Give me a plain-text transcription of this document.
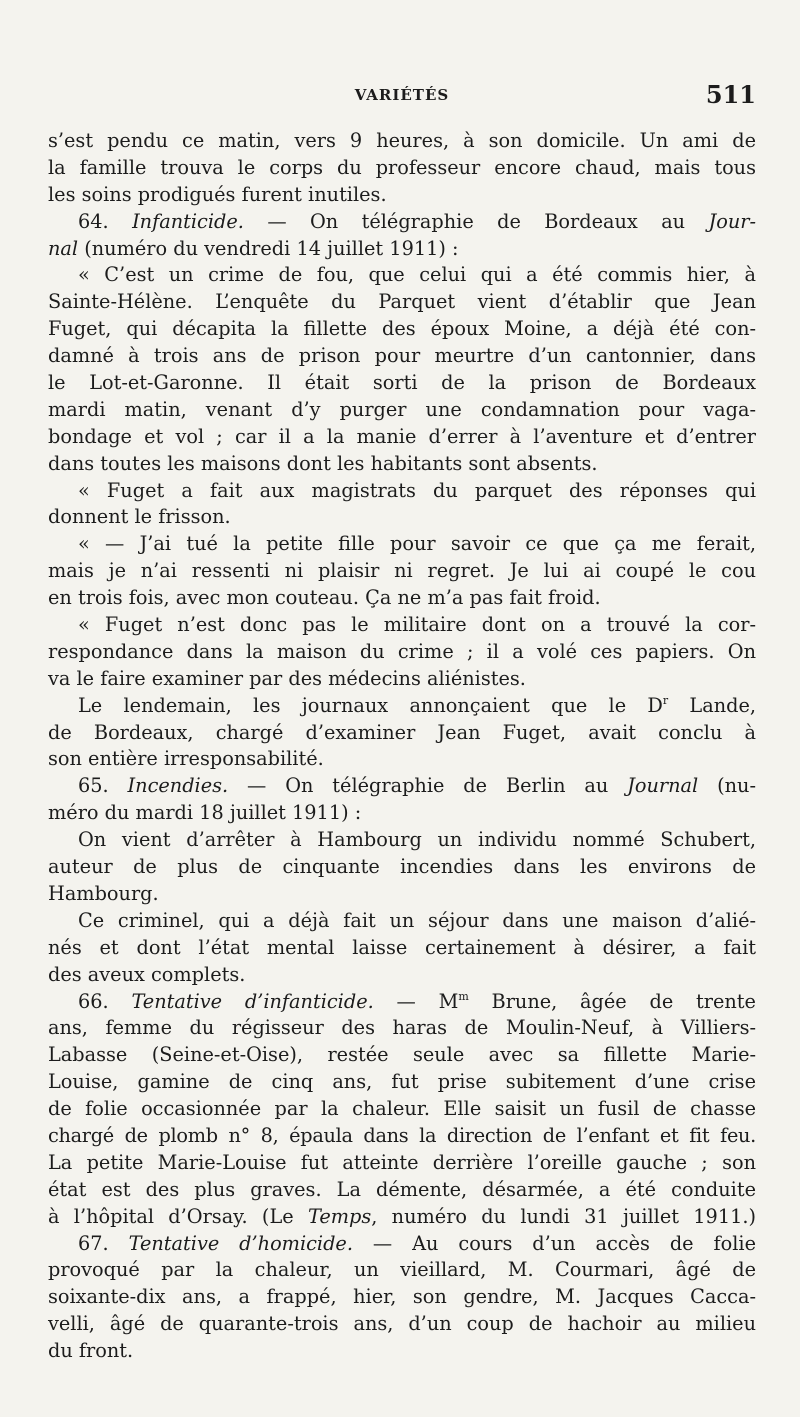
VARIÉTÉS	511
s’est pendu ce matin, vers 9 heures, à son domicile. Un ami de
la famille trouva le corps du professeur encore chaud, mais tous
les soins prodigués furent inutiles.
64. Infanticide. — On télégraphie de Bordeaux au Jour-
nal (numéro du vendredi 14 juillet 1911) :
« C’est un crime de fou, que celui qui a été commis hier, à
Sainte-Hélène. L’enquête du Parquet vient d’établir que Jean
Fuget, qui décapita la fillette des époux Moine, a déjà été con-
damné à trois ans de prison pour meurtre d’un cantonnier, dans
le Lot-et-Garonne. Il était sorti de la prison de Bordeaux
mardi matin, venant d’y purger une condamnation pour vaga-
bondage et vol ; car il a la manie d’errer à l’aventure et d’entrer
dans toutes les maisons dont les habitants sont absents.
« Fuget a fait aux magistrats du parquet des réponses qui
donnent le frisson.
« — J’ai tué la petite fille pour savoir ce que ça me ferait,
mais je n’ai ressenti ni plaisir ni regret. Je lui ai coupé le cou
en trois fois, avec mon couteau. Ça ne m’a pas fait froid.
« Fuget n’est donc pas le militaire dont on a trouvé la cor-
respondance dans la maison du crime ; il a volé ces papiers. On
va le faire examiner par des médecins aliénistes.
Le lendemain, les journaux annonçaient que le $D^r$ Lande,
de Bordeaux, chargé d’examiner Jean Fuget, avait conclu à
son entière irresponsabilité.
65. Incendies. — On télégraphie de Berlin au Journal (nu-
méro du mardi 18 juillet 1911) :
On vient d’arrêter à Hambourg un individu nommé Schubert,
auteur de plus de cinquante incendies dans les environs de
Hambourg.
Ce criminel, qui a déjà fait un séjour dans une maison d’alié-
nés et dont l’état mental laisse certainement à désirer, a fait
des aveux complets.
66. Tentative d’infanticide. — $M^m$ Brune, âgée de trente
ans, femme du régisseur des haras de Moulin-Neuf, à Villiers-
Labasse (Seine-et-Oise), restée seule avec sa fillette Marie-
Louise, gamine de cinq ans, fut prise subitement d’une crise
de folie occasionnée par la chaleur. Elle saisit un fusil de chasse
chargé de plomb n° 8, épaula dans la direction de l’enfant et fit feu.
La petite Marie-Louise fut atteinte derrière l’oreille gauche ; son
état est des plus graves. La démente, désarmée, a été conduite
à l’hôpital d’Orsay. (Le Temps, numéro du lundi 31 juillet 1911.)
67. Tentative d’homicide. — Au cours d’un accès de folie
provoqué par la chaleur, un vieillard, M. Courmari, âgé de
soixante-dix ans, a frappé, hier, son gendre, M. Jacques Cacca-
velli, âgé de quarante-trois ans, d’un coup de hachoir au milieu
du front.
